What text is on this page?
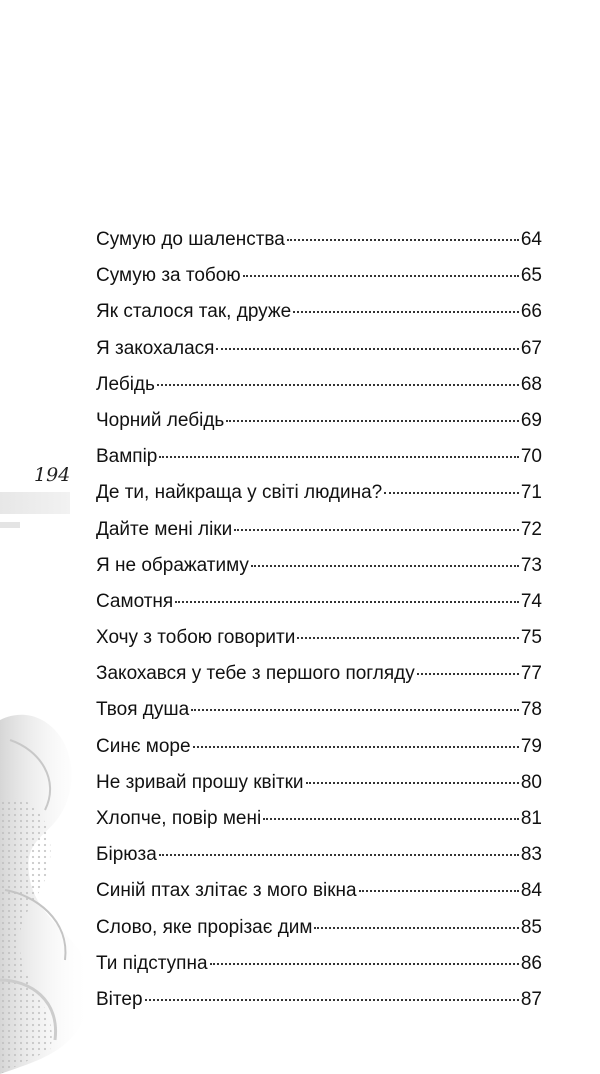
194
Сумую до шаленства	64
Сумую за тобою	65
Як сталося так, друже	66
Я закохалася	67
Лебідь	68
Чорний лебідь	69
Вампір	70
Де ти, найкраща у світі людина?	71
Дайте мені ліки	72
Я не ображатиму	73
Самотня	74
Хочу з тобою говорити	75
Закохався у тебе з першого погляду	77
Твоя душа	78
Синє море	79
Не зривай прошу квітки	80
Хлопче, повір мені	81
Бірюза	83
Синій птах злітає з мого вікна	84
Слово, яке прорізає дим	85
Ти підступна	86
Вітер	87
